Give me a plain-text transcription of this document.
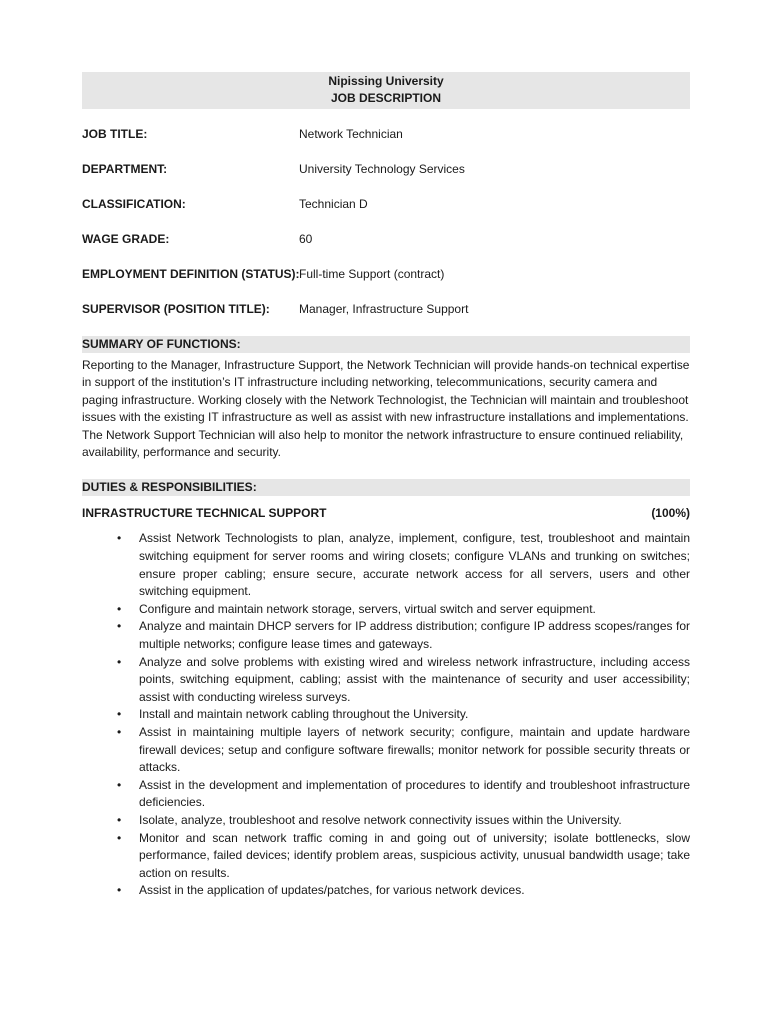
Nipissing University
JOB DESCRIPTION
JOB TITLE:	Network Technician
DEPARTMENT:	University Technology Services
CLASSIFICATION:	Technician D
WAGE GRADE:	60
EMPLOYMENT DEFINITION (STATUS): Full-time Support (contract)
SUPERVISOR (POSITION TITLE):	Manager, Infrastructure Support
SUMMARY OF FUNCTIONS:
Reporting to the Manager, Infrastructure Support, the Network Technician will provide hands-on technical expertise in support of the institution’s IT infrastructure including networking, telecommunications, security camera and paging infrastructure. Working closely with the Network Technologist, the Technician will maintain and troubleshoot issues with the existing IT infrastructure as well as assist with new infrastructure installations and implementations. The Network Support Technician will also help to monitor the network infrastructure to ensure continued reliability, availability, performance and security.
DUTIES & RESPONSIBILITIES:
INFRASTRUCTURE TECHNICAL SUPPORT	(100%)
• Assist Network Technologists to plan, analyze, implement, configure, test, troubleshoot and maintain switching equipment for server rooms and wiring closets; configure VLANs and trunking on switches; ensure proper cabling; ensure secure, accurate network access for all servers, users and other switching equipment.
• Configure and maintain network storage, servers, virtual switch and server equipment.
• Analyze and maintain DHCP servers for IP address distribution; configure IP address scopes/ranges for multiple networks; configure lease times and gateways.
• Analyze and solve problems with existing wired and wireless network infrastructure, including access points, switching equipment, cabling; assist with the maintenance of security and user accessibility; assist with conducting wireless surveys.
• Install and maintain network cabling throughout the University.
• Assist in maintaining multiple layers of network security; configure, maintain and update hardware firewall devices; setup and configure software firewalls; monitor network for possible security threats or attacks.
• Assist in the development and implementation of procedures to identify and troubleshoot infrastructure deficiencies.
• Isolate, analyze, troubleshoot and resolve network connectivity issues within the University.
• Monitor and scan network traffic coming in and going out of university; isolate bottlenecks, slow performance, failed devices; identify problem areas, suspicious activity, unusual bandwidth usage; take action on results.
• Assist in the application of updates/patches, for various network devices.
